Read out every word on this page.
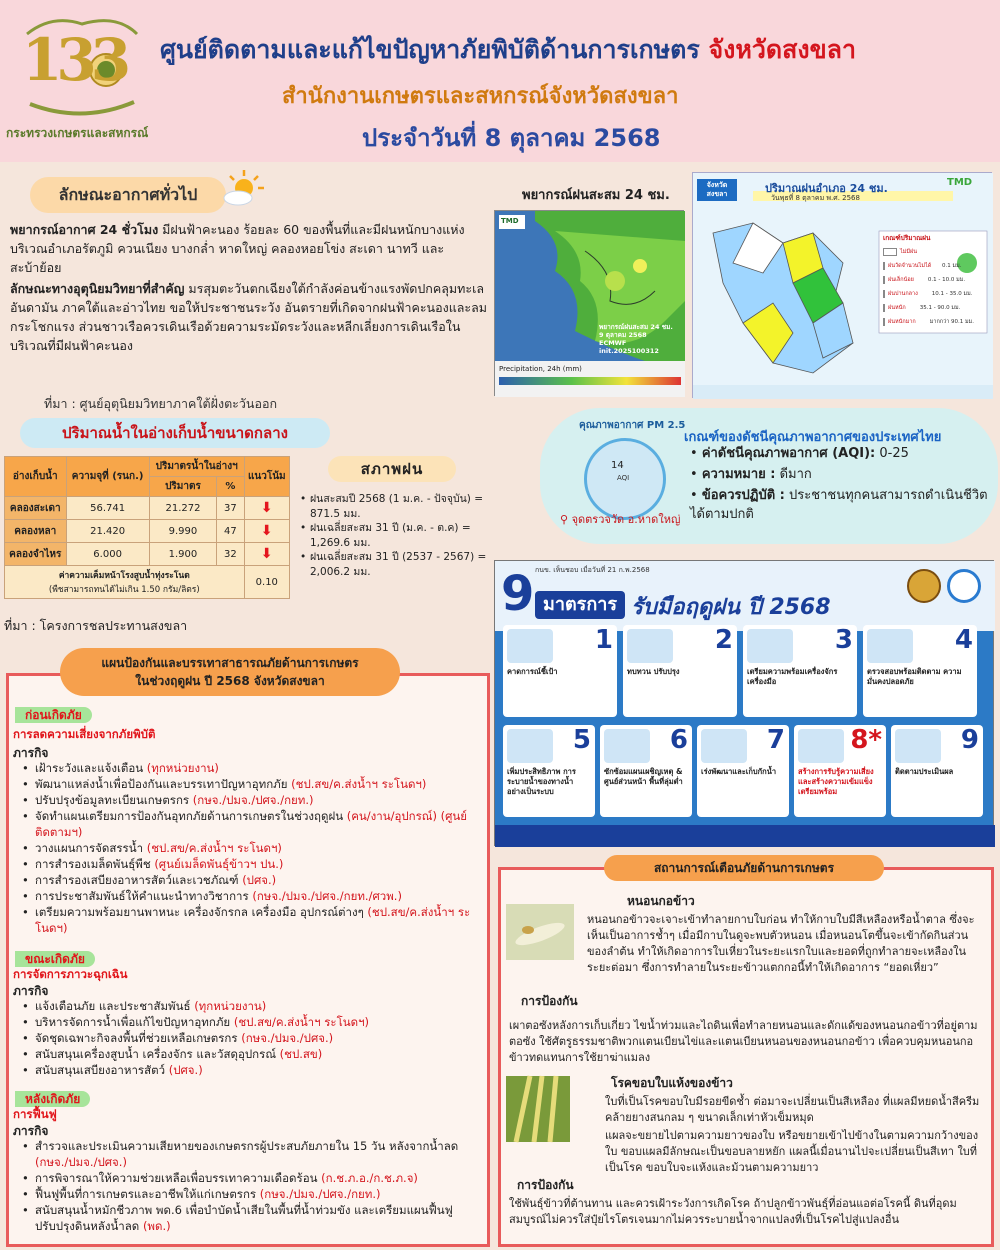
133
กระทรวงเกษตรและสหกรณ์
ศูนย์ติดตามและแก้ไขปัญหาภัยพิบัติด้านการเกษตร จังหวัดสงขลา
สำนักงานเกษตรและสหกรณ์จังหวัดสงขลา
ประจำวันที่ 8 ตุลาคม 2568
ลักษณะอากาศทั่วไป

พยากรณ์อากาศ 24 ชั่วโมง มีฝนฟ้าคะนอง ร้อยละ 60 ของพื้นที่และมีฝนหนักบางแห่ง บริเวณอำเภอรัตภูมิ ควนเนียง บางกล่ำ หาดใหญ่ คลองหอยโข่ง สะเดา นาทวี และสะบ้าย้อย

ลักษณะทางอุตุนิยมวิทยาที่สำคัญ มรสุมตะวันตกเฉียงใต้กำลังค่อนข้างแรงพัดปกคลุมทะเลอันดามัน ภาคใต้และอ่าวไทย ขอให้ประชาชนระวัง อันตรายที่เกิดจากฝนฟ้าคะนองและลมกระโชกแรง ส่วนชาวเรือควรเดินเรือด้วยความระมัดระวังและหลีกเลี่ยงการเดินเรือในบริเวณที่มีฝนฟ้าคะนอง

ที่มา : ศูนย์อุตุนิยมวิทยาภาคใต้ฝั่งตะวันออก
พยากรณ์ฝนสะสม 24 ชม.
TMD
พยากรณ์ฝนสะสม 24 ชม.
9 ตุลาคม 2568
ECMWF init.2025100312
Precipitation, 24h (mm)
จังหวัด สงขลา	ปริมาณฝนอำเภอ 24 ชม.
วันพุธที่ 8 ตุลาคม พ.ศ. 2568
TMD
เกณฑ์ปริมาณฝน
ไม่มีฝน
ฝนวัดจำนวนไม่ได้ 0.1 มม.
ฝนเล็กน้อย	0.1 - 10.0 มม.
ฝนปานกลาง	10.1 - 35.0 มม.
ฝนหนัก	35.1 - 90.0 มม.
ฝนหนักมาก	มากกว่า 90.1 มม.
ปริมาณน้ำในอ่างเก็บน้ำขนาดกลาง
อ่างเก็บน้ำ	ความจุที่ (รนก.)	ปริมาตรน้ำในอ่างฯ		แนวโน้ม
		ปริมาตร	%	
คลองสะเดา	56.741	21.272	37	⬇
คลองหลา	21.420	9.990	47	⬇
คลองจำไหร	6.000	1.900	32	⬇
ค่าความเค็มหน้าโรงสูบน้ำทุ่งระโนด
(พืชสามารถทนได้ไม่เกิน 1.50 กรัม/ลิตร)				0.10
ที่มา : โครงการชลประทานสงขลา
สภาพฝน
• ฝนสะสมปี 2568 (1 ม.ค. - ปัจจุบัน) = 871.5 มม.
• ฝนเฉลี่ยสะสม 31 ปี (ม.ค. - ต.ค) = 1,269.6 มม.
• ฝนเฉลี่ยสะสม 31 ปี (2537 - 2567) = 2,006.2 มม.
คุณภาพอากาศ PM 2.5
14
AQI
⚲ จุดตรวจวัด อ.หาดใหญ่
เกณฑ์ของดัชนีคุณภาพอากาศของประเทศไทย
• ค่าดัชนีคุณภาพอากาศ (AQI): 0-25
• ความหมาย : ดีมาก
• ข้อควรปฏิบัติ : ประชาชนทุกคนสามารถดำเนินชีวิตได้ตามปกติ
กนข. เห็นชอบ เมื่อวันที่ 21 ก.พ.2568
9 มาตรการ รับมือฤดูฝน ปี 2568
1
คาดการณ์ชี้เป้า
2
ทบทวน ปรับปรุง
3
เตรียมความพร้อมเครื่องจักร เครื่องมือ
4
ตรวจสอบพร้อมติดตาม ความมั่นคงปลอดภัย
5
เพิ่มประสิทธิภาพ การระบายน้ำของทางน้ำ อย่างเป็นระบบ
6
ซักซ้อมแผนเผชิญเหตุ & ศูนย์ส่วนหน้า พื้นที่ลุ่มต่ำ
7
เร่งพัฒนาและเก็บกักน้ำ
8*
สร้างการรับรู้ความเสี่ยง และสร้างความเข้มแข็ง เตรียมพร้อม
9
ติดตามประเมินผล
ก่อนเกิดภัย
การลดความเสี่ยงจากภัยพิบัติ
ภารกิจ
• เฝ้าระวังและแจ้งเตือน (ทุกหน่วยงาน)
• พัฒนาแหล่งน้ำเพื่อป้องกันและบรรเทาปัญหาอุทกภัย (ชป.สข/ค.ส่งน้ำฯ ระโนดฯ)
• ปรับปรุงข้อมูลทะเบียนเกษตรกร (กษจ./ปมจ./ปศจ./กยท.)
• จัดทำแผนเตรียมการป้องกันอุทกภัยด้านการเกษตรในช่วงฤดูฝน (คน/งาน/อุปกรณ์) (ศูนย์ติดตามฯ)
• วางแผนการจัดสรรน้ำ (ชป.สข/ค.ส่งน้ำฯ ระโนดฯ)
• การสำรองเมล็ดพันธุ์พืช (ศูนย์เมล็ดพันธุ์ข้าวฯ ปน.)
• การสำรองเสบียงอาหารสัตว์และเวชภัณฑ์ (ปศจ.)
• การประชาสัมพันธ์ให้คำแนะนำทางวิชาการ (กษจ./ปมจ./ปศจ./กยท./ศวพ.)
• เตรียมความพร้อมยานพาหนะ เครื่องจักรกล เครื่องมือ อุปกรณ์ต่างๆ (ชป.สข/ค.ส่งน้ำฯ ระโนดฯ)
ขณะเกิดภัย
การจัดการภาวะฉุกเฉิน
ภารกิจ
• แจ้งเตือนภัย และประชาสัมพันธ์ (ทุกหน่วยงาน)
• บริหารจัดการน้ำเพื่อแก้ไขปัญหาอุทกภัย (ชป.สข/ค.ส่งน้ำฯ ระโนดฯ)
• จัดชุดเฉพาะกิจลงพื้นที่ช่วยเหลือเกษตรกร (กษจ./ปมจ./ปศจ.)
• สนับสนุนเครื่องสูบน้ำ เครื่องจักร และวัสดุอุปกรณ์ (ชป.สข)
• สนับสนุนเสบียงอาหารสัตว์ (ปศจ.)
หลังเกิดภัย
การฟื้นฟู
ภารกิจ
• สำรวจและประเมินความเสียหายของเกษตรกรผู้ประสบภัยภายใน 15 วัน หลังจากน้ำลด (กษจ./ปมจ./ปศจ.)
• การพิจารณาให้ความช่วยเหลือเพื่อบรรเทาความเดือดร้อน (ก.ช.ภ.อ./ก.ช.ภ.จ)
• ฟื้นฟูพื้นที่การเกษตรและอาชีพให้แก่เกษตรกร (กษจ./ปมจ./ปศจ./กยท.)
• สนับสนุนน้ำหมักชีวภาพ พด.6 เพื่อบำบัดน้ำเสียในพื้นที่น้ำท่วมขัง และเตรียมแผนฟื้นฟูปรับปรุงดินหลังน้ำลด (พด.)
แผนป้องกันและบรรเทาสาธารณภัยด้านการเกษตร
ในช่วงฤดูฝน ปี 2568 จังหวัดสงขลา
หนอนกอข้าว
หนอนกอข้าวจะเจาะเข้าทำลายกาบใบก่อน ทำให้กาบใบมีสีเหลืองหรือน้ำตาล ซึ่งจะเห็นเป็นอาการช้ำๆ เมื่อมีกาบในดูจะพบตัวหนอน เมื่อหนอนโตขึ้นจะเข้ากัดกินส่วนของลำต้น ทำให้เกิดอาการใบเหี่ยวในระยะแรกใบและยอดที่ถูกทำลายจะเหลืองในระยะต่อมา ซึ่งการทำลายในระยะข้าวแตกกอนี้ทำให้เกิดอาการ “ยอดเหี่ยว”
การป้องกัน
เผาตอซังหลังการเก็บเกี่ยว ไขน้ำท่วมและไถดินเพื่อทำลายหนอนและดักแด้ของหนอนกอข้าวที่อยู่ตามตอซัง ใช้ศัตรูธรรมชาติพวกแตนเบียนไข่และแตนเบียนหนอนของหนอนกอข้าว เพื่อควบคุมหนอนกอข้าวทดแทนการใช้ยาฆ่าแมลง
โรคขอบใบแห้งของข้าว
ใบที่เป็นโรคขอบใบมีรอยขีดช้ำ ต่อมาจะเปลี่ยนเป็นสีเหลือง ที่แผลมีหยดน้ำสีครีมคล้ายยางสนกลม ๆ ขนาดเล็กเท่าหัวเข็มหมุด
แผลจะขยายไปตามความยาวของใบ หรือขยายเข้าไปข้างในตามความกว้างของใบ ขอบแผลมีลักษณะเป็นขอบลายหยัก แผลนี้เมื่อนานไปจะเปลี่ยนเป็นสีเทา ใบที่เป็นโรค ขอบใบจะแห้งและม้วนตามความยาว
การป้องกัน
ใช้พันธุ์ข้าวที่ต้านทาน และควรเฝ้าระวังการเกิดโรค ถ้าปลูกข้าวพันธุ์ที่อ่อนแอต่อโรคนี้ ดินที่อุดมสมบูรณ์ไม่ควรใส่ปุ๋ยไรโตรเจนมากไม่ควรระบายน้ำจากแปลงที่เป็นโรคไปสู่แปลงอื่น
สถานการณ์เตือนภัยด้านการเกษตร
